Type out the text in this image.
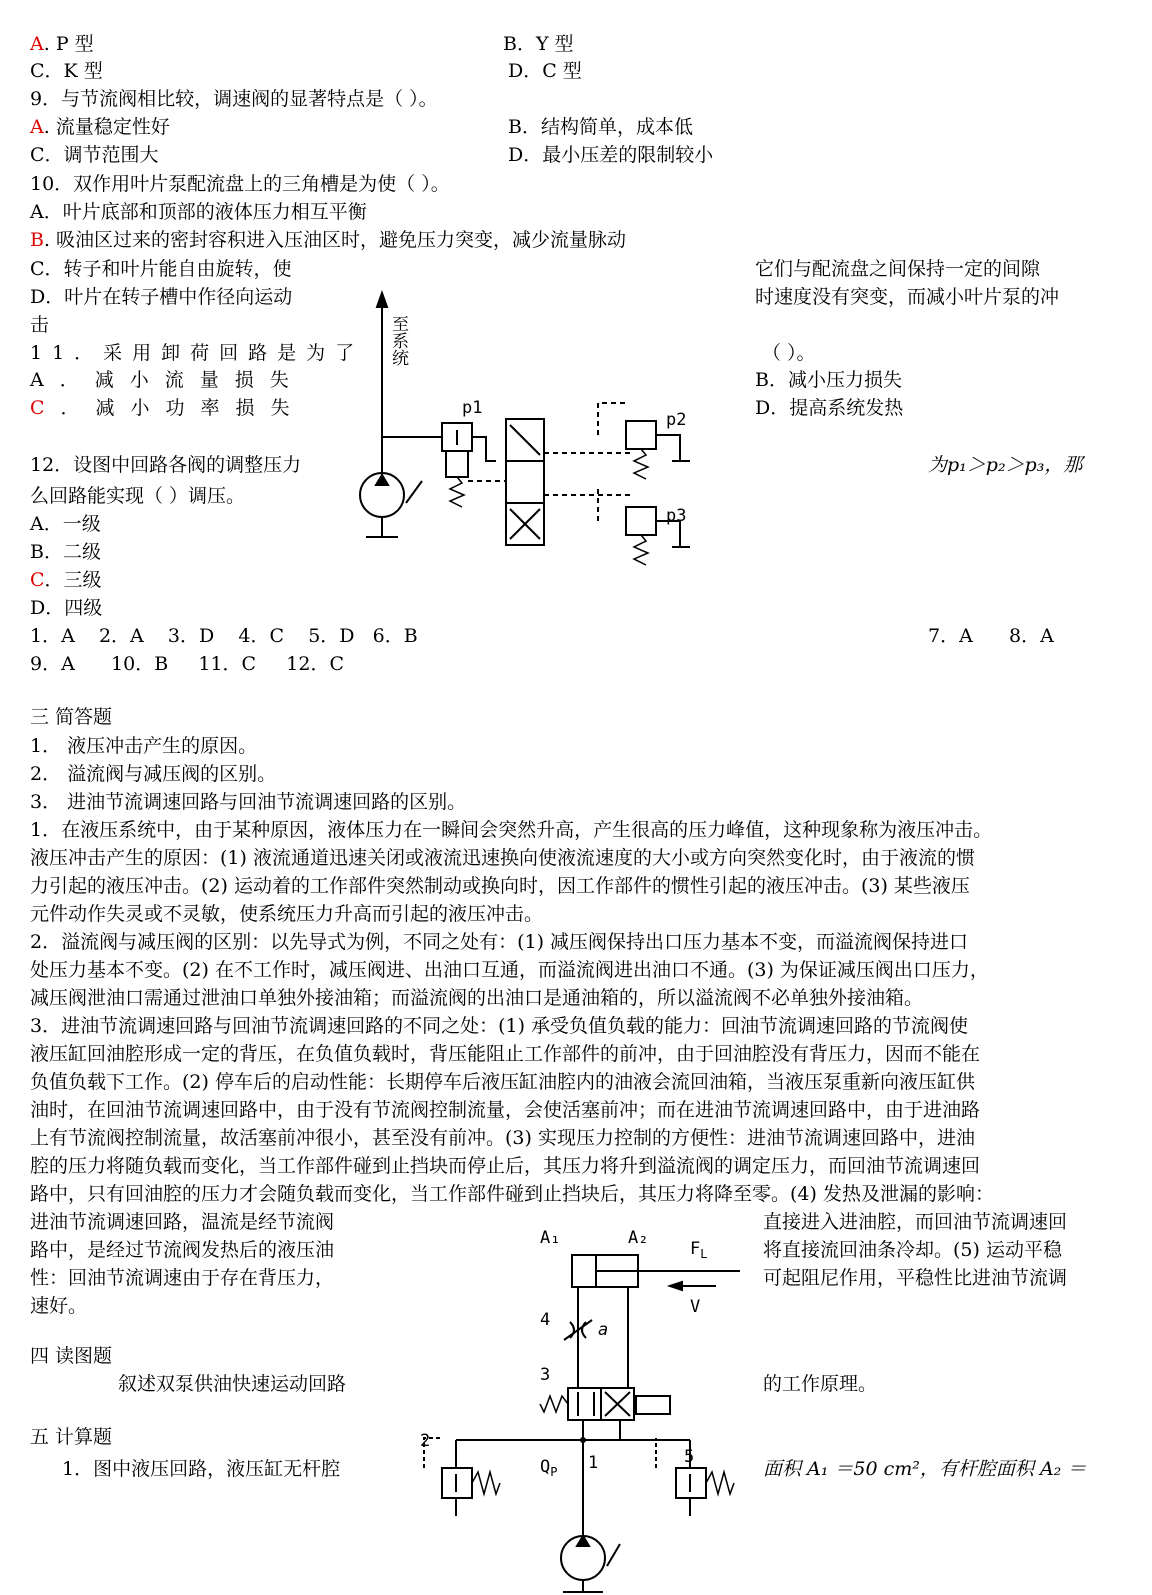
A. P 型	B．Y 型
C．K 型	D．C 型
9．与节流阀相比较，调速阀的显著特点是（ ）。
A. 流量稳定性好	B．结构简单，成本低
C．调节范围大	D．最小压差的限制较小
10．双作用叶片泵配流盘上的三角槽是为使（ ）。
A．叶片底部和顶部的液体压力相互平衡
B. 吸油区过来的密封容积进入压油区时，避免压力突变，减少流量脉动
C．转子和叶片能自由旋转，使	它们与配流盘之间保持一定的间隙
D．叶片在转子槽中作径向运动	时速度没有突变，而减小叶片泵的冲
击
11．采用卸荷回路是为了	（ ）。
A．减小流量损失	B．减小压力损失
C．减小功率损失	D．提高系统发热
12．设图中回路各阀的调整压力	为p₁＞p₂＞p₃，那
么回路能实现（ ）调压。
A．一级
B．二级
C．三级
D．四级
1．A    2．A    3．D    4．C    5．D   6．B	7．A      8．A
9．A      10．B     11．C     12．C
至系统
p1
p2
p3
三 简答题
1． 液压冲击产生的原因。
2． 溢流阀与减压阀的区别。
3． 进油节流调速回路与回油节流调速回路的区别。
1．在液压系统中，由于某种原因，液体压力在一瞬间会突然升高，产生很高的压力峰值，这种现象称为液压冲击。
液压冲击产生的原因：(1) 液流通道迅速关闭或液流迅速换向使液流速度的大小或方向突然变化时，由于液流的惯
力引起的液压冲击。(2) 运动着的工作部件突然制动或换向时，因工作部件的惯性引起的液压冲击。(3) 某些液压
元件动作失灵或不灵敏，使系统压力升高而引起的液压冲击。
2．溢流阀与减压阀的区别：以先导式为例，不同之处有：(1) 减压阀保持出口压力基本不变，而溢流阀保持进口
处压力基本不变。(2) 在不工作时，减压阀进、出油口互通，而溢流阀进出油口不通。(3) 为保证减压阀出口压力，
减压阀泄油口需通过泄油口单独外接油箱；而溢流阀的出油口是通油箱的，所以溢流阀不必单独外接油箱。
3．进油节流调速回路与回油节流调速回路的不同之处：(1) 承受负值负载的能力：回油节流调速回路的节流阀使
液压缸回油腔形成一定的背压，在负值负载时，背压能阻止工作部件的前冲，由于回油腔没有背压力，因而不能在
负值负载下工作。(2) 停车后的启动性能：长期停车后液压缸油腔内的油液会流回油箱，当液压泵重新向液压缸供
油时，在回油节流调速回路中，由于没有节流阀控制流量，会使活塞前冲；而在进油节流调速回路中，由于进油路
上有节流阀控制流量，故活塞前冲很小，甚至没有前冲。(3) 实现压力控制的方便性：进油节流调速回路中，进油
腔的压力将随负载而变化，当工作部件碰到止挡块而停止后，其压力将升到溢流阀的调定压力，而回油节流调速回
路中，只有回油腔的压力才会随负载而变化，当工作部件碰到止挡块后，其压力将降至零。(4) 发热及泄漏的影响：
进油节流调速回路，温流是经节流阀
路中，是经过节流阀发热后的液压油
性：回油节流调速由于存在背压力，
速好。
直接进入进油腔，而回油节流调速回
将直接流回油条冷却。(5) 运动平稳
可起阻尼作用，平稳性比进油节流调
四 读图题
叙述双泵供油快速运动回路	的工作原理。
五 计算题
1．图中液压回路，液压缸无杆腔	面积 A₁ ＝50 cm²，有杆腔面积 A₂ ＝
A₁	A₂
$F_L$
V
4	a
3
2
$Q_P$ 1	5
